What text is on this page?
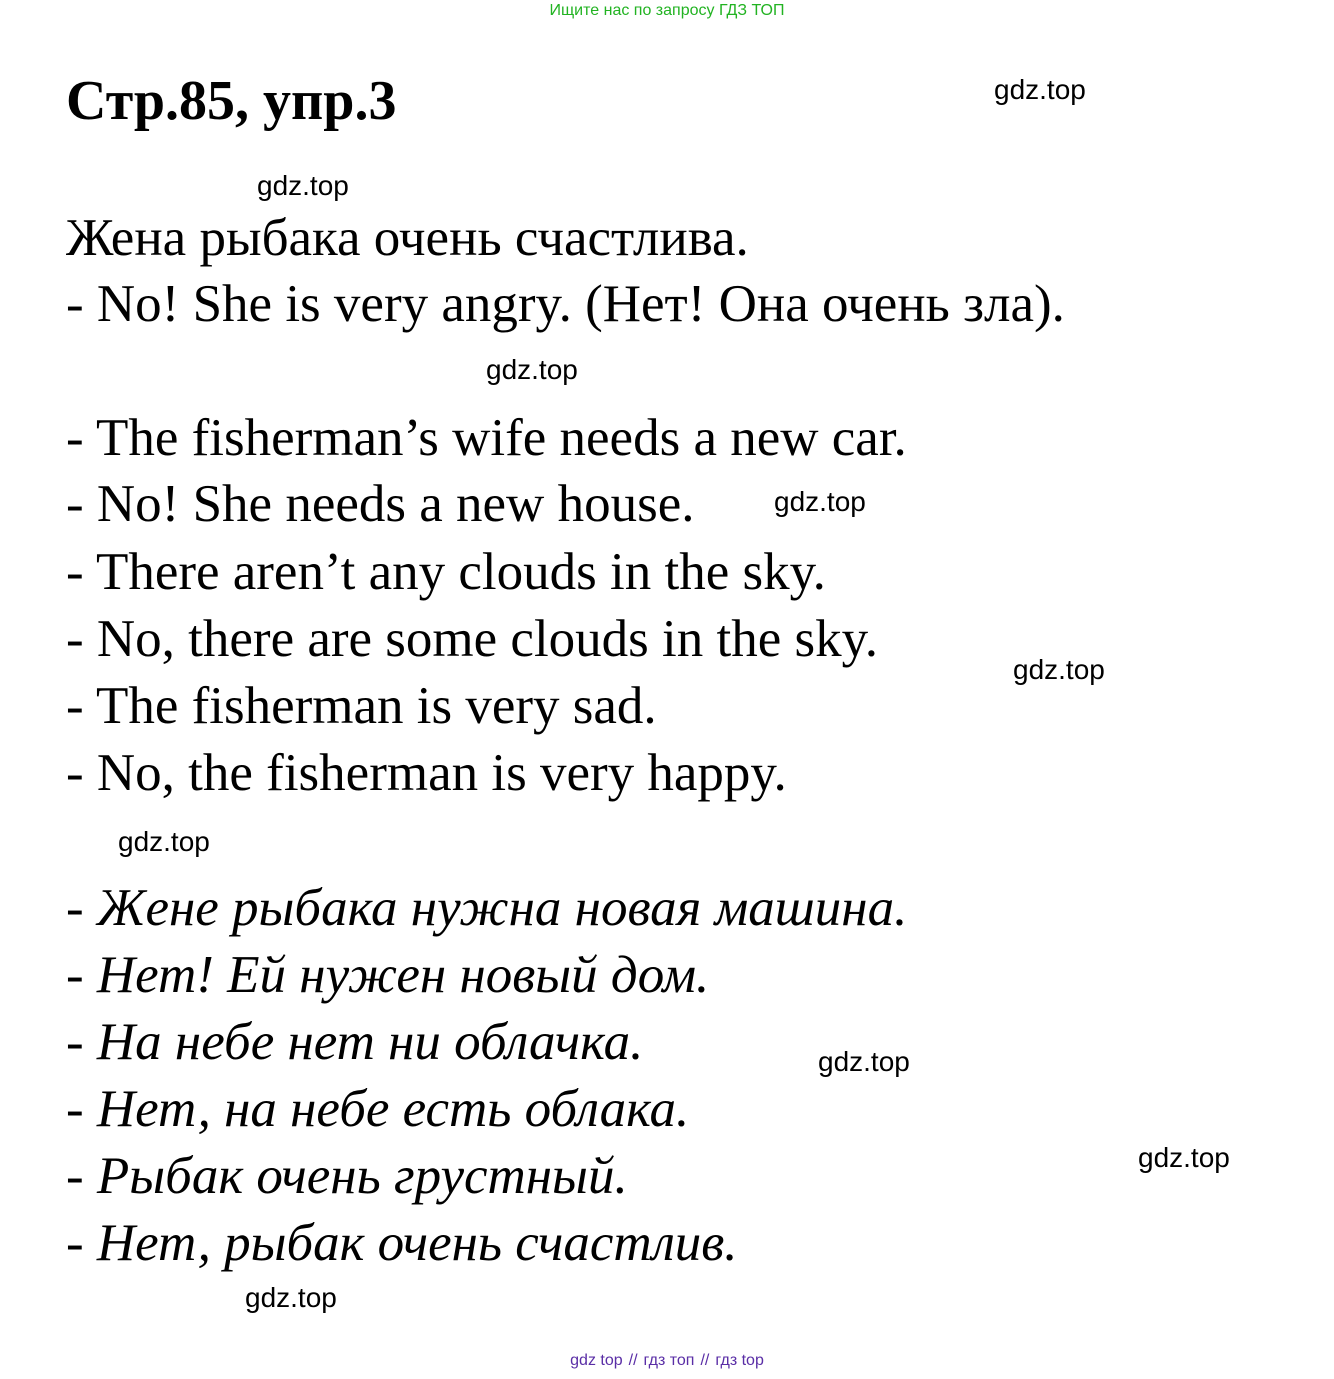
Ищите нас по запросу ГДЗ ТОП
Стр.85, упр.3	gdz.top
gdz.top
gdz.top
gdz.top
gdz.top
gdz.top
gdz.top
gdz.top
gdz.top
Жена рыбака очень счастлива.
- No! She is very angry. (Нет! Она очень зла).
- The fisherman’s wife needs a new car.
- No! She needs a new house.
- There aren’t any clouds in the sky.
- No, there are some clouds in the sky.
- The fisherman is very sad.
- No, the fisherman is very happy.
- Жене рыбака нужна новая машина.
- Нет! Ей нужен новый дом.
- На небе нет ни облачка.
- Нет, на небе есть облака.
- Рыбак очень грустный.
- Нет, рыбак очень счастлив.
gdz top // гдз топ // гдз top
